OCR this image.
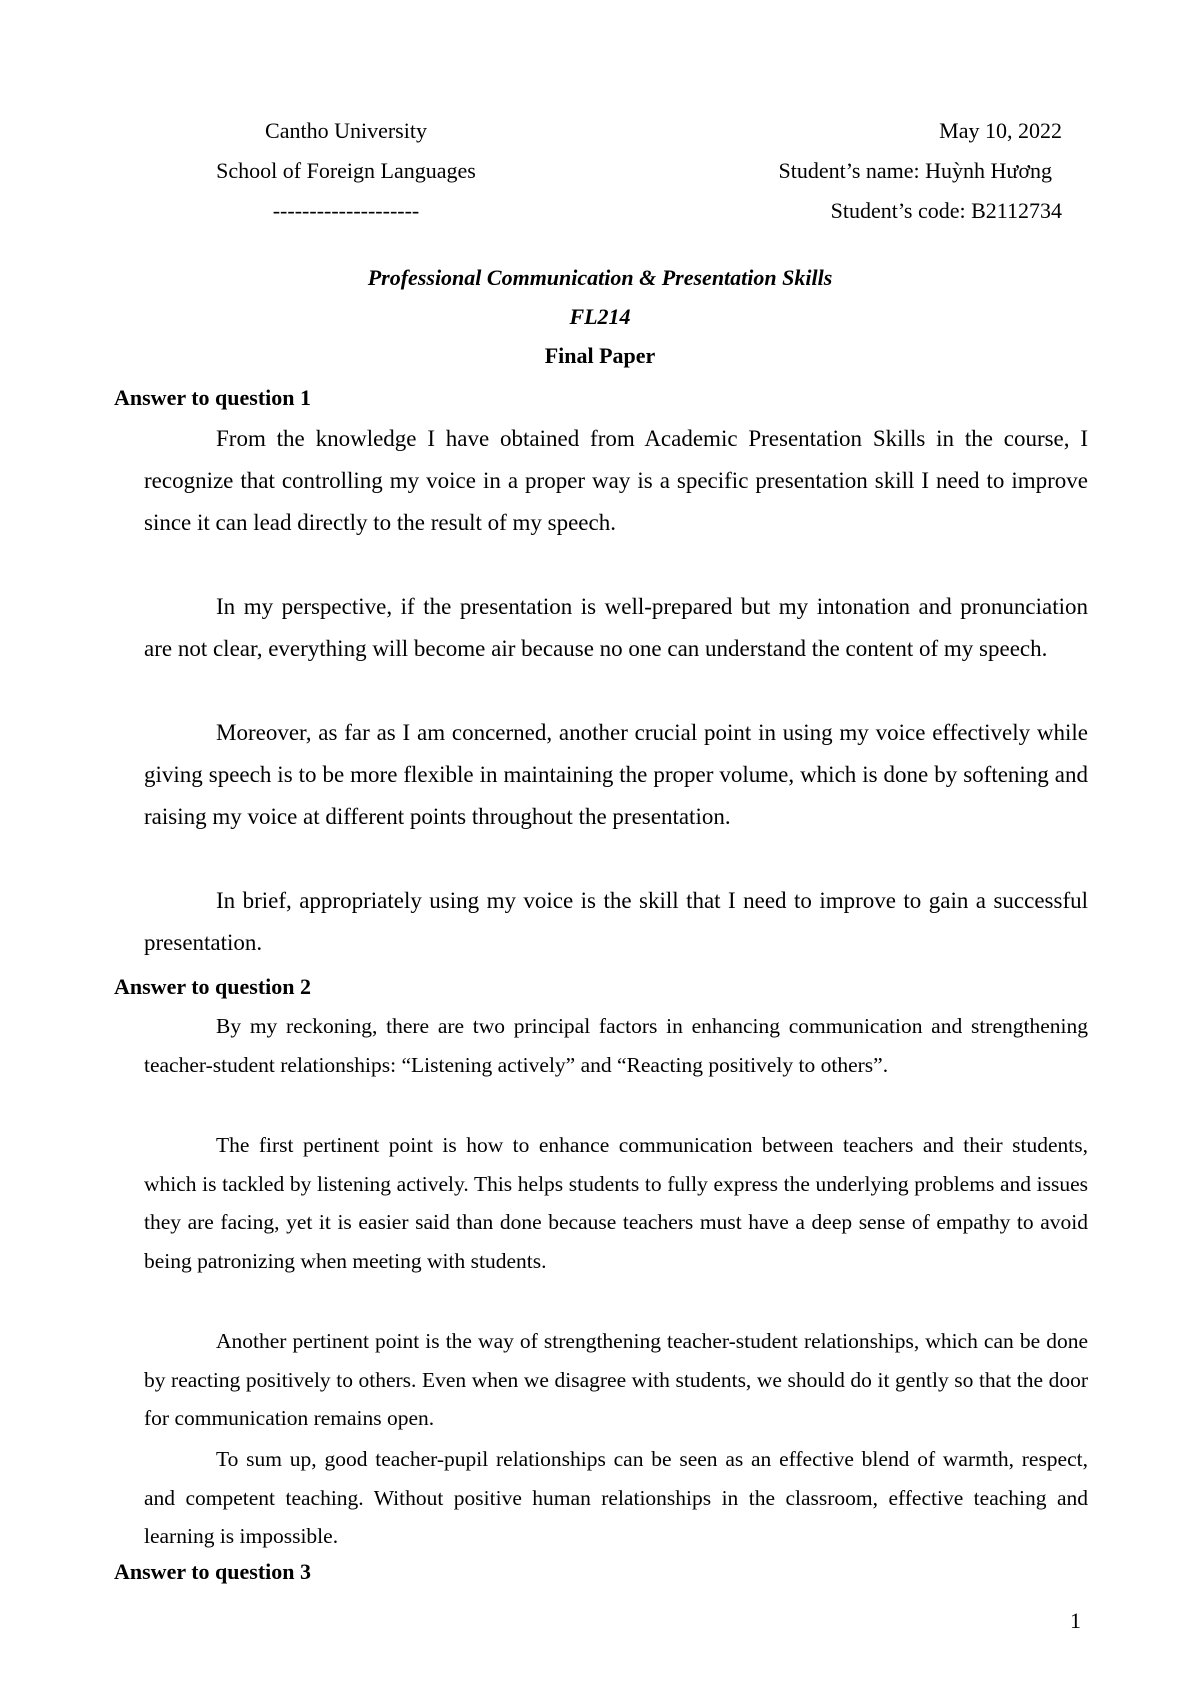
Cantho University
School of Foreign Languages
--------------------
May 10, 2022
Student’s name: Huỳnh Hương
Student’s code: B2112734
Professional Communication & Presentation Skills
FL214
Final Paper
Answer to question 1
From the knowledge I have obtained from Academic Presentation Skills in the course, I recognize that controlling my voice in a proper way is a specific presentation skill I need to improve since it can lead directly to the result of my speech.
In my perspective, if the presentation is well-prepared but my intonation and pronunciation are not clear, everything will become air because no one can understand the content of my speech.
Moreover, as far as I am concerned, another crucial point in using my voice effectively while giving speech is to be more flexible in maintaining the proper volume, which is done by softening and raising my voice at different points throughout the presentation.
In brief, appropriately using my voice is the skill that I need to improve to gain a successful presentation.
Answer to question 2
By my reckoning, there are two principal factors in enhancing communication and strengthening teacher-student relationships: “Listening actively” and “Reacting positively to others”.
The first pertinent point is how to enhance communication between teachers and their students, which is tackled by listening actively. This helps students to fully express the underlying problems and issues they are facing, yet it is easier said than done because teachers must have a deep sense of empathy to avoid being patronizing when meeting with students.
Another pertinent point is the way of strengthening teacher-student relationships, which can be done by reacting positively to others. Even when we disagree with students, we should do it gently so that the door for communication remains open.
To sum up, good teacher-pupil relationships can be seen as an effective blend of warmth, respect, and competent teaching. Without positive human relationships in the classroom, effective teaching and learning is impossible.
Answer to question 3
1
